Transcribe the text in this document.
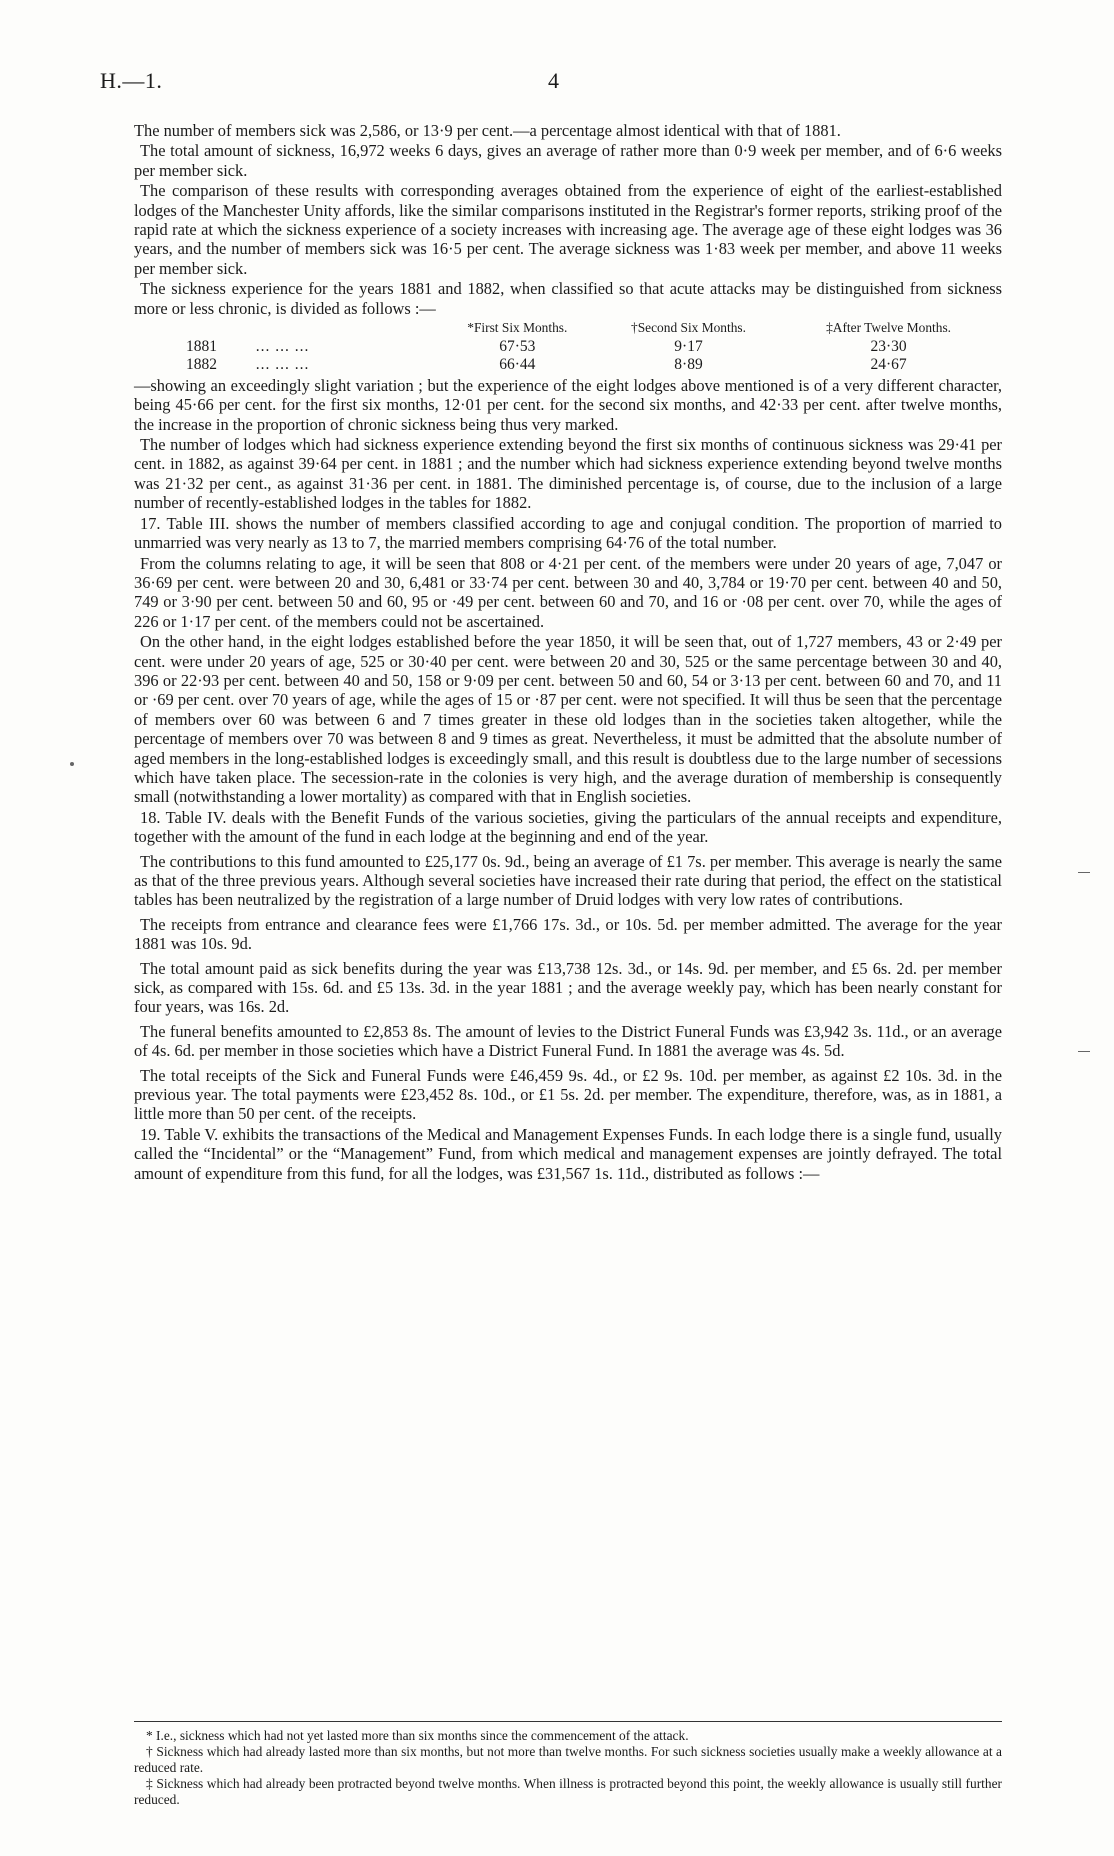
H.—1.	4

The number of members sick was 2,586, or 13·9 per cent.—a percentage almost identical with that of 1881.

The total amount of sickness, 16,972 weeks 6 days, gives an average of rather more than 0·9 week per member, and of 6·6 weeks per member sick.

The comparison of these results with corresponding averages obtained from the experience of eight of the earliest-established lodges of the Manchester Unity affords, like the similar comparisons instituted in the Registrar's former reports, striking proof of the rapid rate at which the sickness experience of a society increases with increasing age. The average age of these eight lodges was 36 years, and the number of members sick was 16·5 per cent. The average sickness was 1·83 week per member, and above 11 weeks per member sick.

The sickness experience for the years 1881 and 1882, when classified so that acute attacks may be distinguished from sickness more or less chronic, is divided as follows :—

		*First Six Months.	†Second Six Months.	‡After Twelve Months.
1881	... ... ...	67·53	9·17	23·30
1882	... ... ...	66·44	8·89	24·67

—showing an exceedingly slight variation ; but the experience of the eight lodges above mentioned is of a very different character, being 45·66 per cent. for the first six months, 12·01 per cent. for the second six months, and 42·33 per cent. after twelve months, the increase in the proportion of chronic sickness being thus very marked.

The number of lodges which had sickness experience extending beyond the first six months of continuous sickness was 29·41 per cent. in 1882, as against 39·64 per cent. in 1881 ; and the number which had sickness experience extending beyond twelve months was 21·32 per cent., as against 31·36 per cent. in 1881. The diminished percentage is, of course, due to the inclusion of a large number of recently-established lodges in the tables for 1882.

17. Table III. shows the number of members classified according to age and conjugal condition. The proportion of married to unmarried was very nearly as 13 to 7, the married members comprising 64·76 of the total number.

From the columns relating to age, it will be seen that 808 or 4·21 per cent. of the members were under 20 years of age, 7,047 or 36·69 per cent. were between 20 and 30, 6,481 or 33·74 per cent. between 30 and 40, 3,784 or 19·70 per cent. between 40 and 50, 749 or 3·90 per cent. between 50 and 60, 95 or ·49 per cent. between 60 and 70, and 16 or ·08 per cent. over 70, while the ages of 226 or 1·17 per cent. of the members could not be ascertained.

On the other hand, in the eight lodges established before the year 1850, it will be seen that, out of 1,727 members, 43 or 2·49 per cent. were under 20 years of age, 525 or 30·40 per cent. were between 20 and 30, 525 or the same percentage between 30 and 40, 396 or 22·93 per cent. between 40 and 50, 158 or 9·09 per cent. between 50 and 60, 54 or 3·13 per cent. between 60 and 70, and 11 or ·69 per cent. over 70 years of age, while the ages of 15 or ·87 per cent. were not specified. It will thus be seen that the percentage of members over 60 was between 6 and 7 times greater in these old lodges than in the societies taken altogether, while the percentage of members over 70 was between 8 and 9 times as great. Nevertheless, it must be admitted that the absolute number of aged members in the long-established lodges is exceedingly small, and this result is doubtless due to the large number of secessions which have taken place. The secession-rate in the colonies is very high, and the average duration of membership is consequently small (notwithstanding a lower mortality) as compared with that in English societies.

18. Table IV. deals with the Benefit Funds of the various societies, giving the particulars of the annual receipts and expenditure, together with the amount of the fund in each lodge at the beginning and end of the year.

The contributions to this fund amounted to £25,177 0s. 9d., being an average of £1 7s. per member. This average is nearly the same as that of the three previous years. Although several societies have increased their rate during that period, the effect on the statistical tables has been neutralized by the registration of a large number of Druid lodges with very low rates of contributions.

The receipts from entrance and clearance fees were £1,766 17s. 3d., or 10s. 5d. per member admitted. The average for the year 1881 was 10s. 9d.

The total amount paid as sick benefits during the year was £13,738 12s. 3d., or 14s. 9d. per member, and £5 6s. 2d. per member sick, as compared with 15s. 6d. and £5 13s. 3d. in the year 1881 ; and the average weekly pay, which has been nearly constant for four years, was 16s. 2d.

The funeral benefits amounted to £2,853 8s. The amount of levies to the District Funeral Funds was £3,942 3s. 11d., or an average of 4s. 6d. per member in those societies which have a District Funeral Fund. In 1881 the average was 4s. 5d.

The total receipts of the Sick and Funeral Funds were £46,459 9s. 4d., or £2 9s. 10d. per member, as against £2 10s. 3d. in the previous year. The total payments were £23,452 8s. 10d., or £1 5s. 2d. per member. The expenditure, therefore, was, as in 1881, a little more than 50 per cent. of the receipts.

19. Table V. exhibits the transactions of the Medical and Management Expenses Funds. In each lodge there is a single fund, usually called the “Incidental” or the “Management” Fund, from which medical and management expenses are jointly defrayed. The total amount of expenditure from this fund, for all the lodges, was £31,567 1s. 11d., distributed as follows :—

* I.e., sickness which had not yet lasted more than six months since the commencement of the attack.

† Sickness which had already lasted more than six months, but not more than twelve months. For such sickness societies usually make a weekly allowance at a reduced rate.

‡ Sickness which had already been protracted beyond twelve months. When illness is protracted beyond this point, the weekly allowance is usually still further reduced.
